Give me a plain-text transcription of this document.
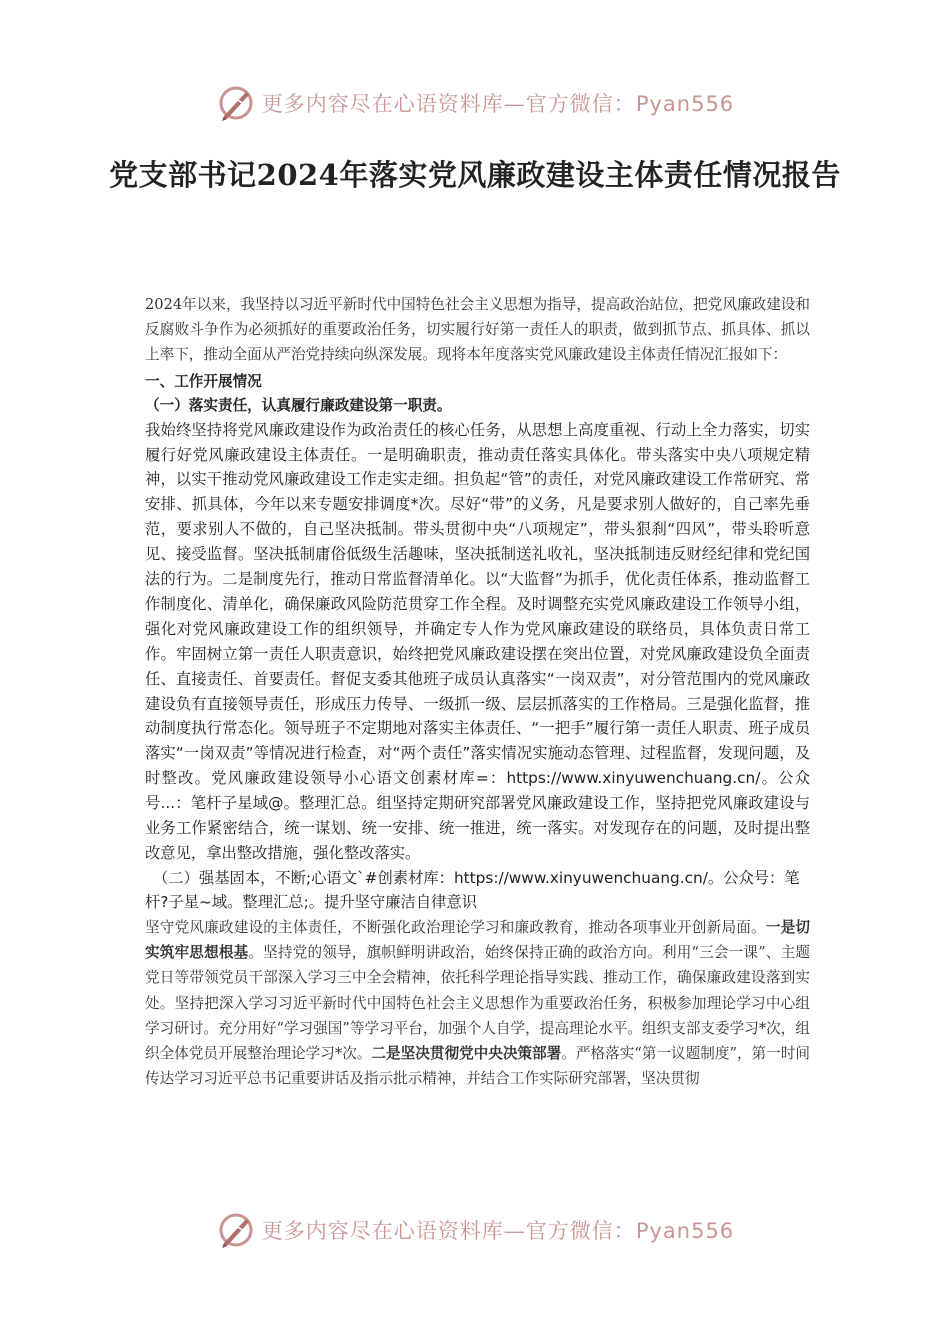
更多内容尽在心语资料库—官方微信：Pyan556
党支部书记2024年落实党风廉政建设主体责任情况报告

2024年以来，我坚持以习近平新时代中国特色社会主义思想为指导，提高政治站位，把党风廉政建设和反腐败斗争作为必须抓好的重要政治任务，切实履行好第一责任人的职责，做到抓节点、抓具体、抓以上率下，推动全面从严治党持续向纵深发展。现将本年度落实党风廉政建设主体责任情况汇报如下：

一、工作开展情况

（一）落实责任，认真履行廉政建设第一职责。

我始终坚持将党风廉政建设作为政治责任的核心任务，从思想上高度重视、行动上全力落实，切实履行好党风廉政建设主体责任。一是明确职责，推动责任落实具体化。带头落实中央八项规定精神，以实干推动党风廉政建设工作走实走细。担负起“管”的责任，对党风廉政建设工作常研究、常安排、抓具体，今年以来专题安排调度*次。尽好“带”的义务，凡是要求别人做好的，自己率先垂范，要求别人不做的，自己坚决抵制。带头贯彻中央“八项规定”，带头狠刹“四风”，带头聆听意见、接受监督。坚决抵制庸俗低级生活趣味，坚决抵制送礼收礼，坚决抵制违反财经纪律和党纪国法的行为。二是制度先行，推动日常监督清单化。以“大监督”为抓手，优化责任体系，推动监督工作制度化、清单化，确保廉政风险防范贯穿工作全程。及时调整充实党风廉政建设工作领导小组，强化对党风廉政建设工作的组织领导，并确定专人作为党风廉政建设的联络员，具体负责日常工作。牢固树立第一责任人职责意识，始终把党风廉政建设摆在突出位置，对党风廉政建设负全面责任、直接责任、首要责任。督促支委其他班子成员认真落实“一岗双责”，对分管范围内的党风廉政建设负有直接领导责任，形成压力传导、一级抓一级、层层抓落实的工作格局。三是强化监督，推动制度执行常态化。领导班子不定期地对落实主体责任、“一把手”履行第一责任人职责、班子成员落实“一岗双责”等情况进行检查，对“两个责任”落实情况实施动态管理、过程监督，发现问题，及时整改。党风廉政建设领导小心语文创素材库=：https://www.xinyuwenchuang.cn/。公众号...：笔杆子星域@。整理汇总。组坚持定期研究部署党风廉政建设工作，坚持把党风廉政建设与业务工作紧密结合，统一谋划、统一安排、统一推进，统一落实。对发现存在的问题，及时提出整改意见，拿出整改措施，强化整改落实。

（二）强基固本，不断;心语文`#创素材库：https://www.xinyuwenchuang.cn/。公众号：笔杆?子星~域。整理汇总;。提升坚守廉洁自律意识

坚守党风廉政建设的主体责任，不断强化政治理论学习和廉政教育，推动各项事业开创新局面。一是切实筑牢思想根基。坚持党的领导，旗帜鲜明讲政治，始终保持正确的政治方向。利用“三会一课”、主题党日等带领党员干部深入学习三中全会精神，依托科学理论指导实践、推动工作，确保廉政建设落到实处。坚持把深入学习习近平新时代中国特色社会主义思想作为重要政治任务，积极参加理论学习中心组学习研讨。充分用好“学习强国”等学习平台，加强个人自学，提高理论水平。组织支部支委学习*次，组织全体党员开展整治理论学习*次。二是坚决贯彻党中央决策部署。严格落实“第一议题制度”，第一时间传达学习习近平总书记重要讲话及指示批示精神，并结合工作实际研究部署，坚决贯彻

更多内容尽在心语资料库—官方微信：Pyan556
